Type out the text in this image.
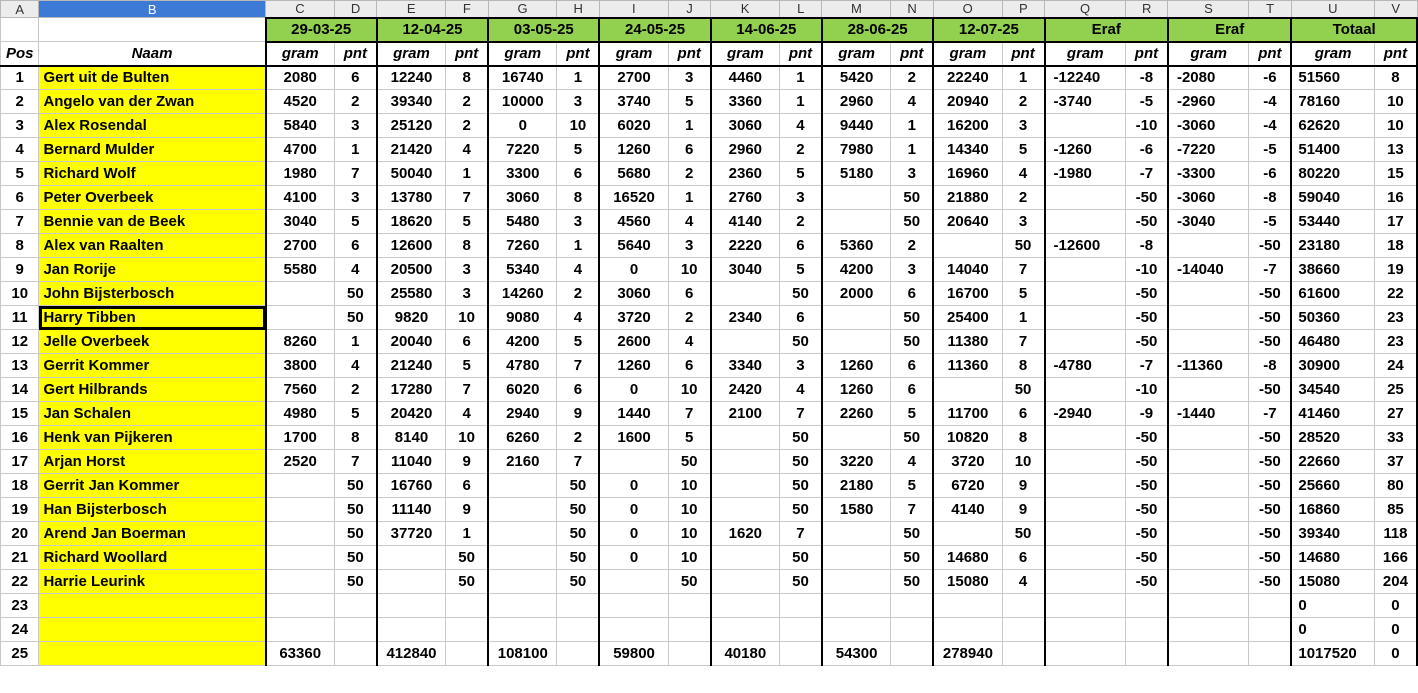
A	B	C	D	E	F	G	H	I	J	K	L	M	N	O	P	Q	R	S	T	U	V
		29-03-25		12-04-25		03-05-25		24-05-25		14-06-25		28-06-25		12-07-25		Eraf		Eraf		Totaal	
Pos	Naam	gram	pnt	gram	pnt	gram	pnt	gram	pnt	gram	pnt	gram	pnt	gram	pnt	gram	pnt	gram	pnt	gram	pnt
1	Gert uit de Bulten	2080	6	12240	8	16740	1	2700	3	4460	1	5420	2	22240	1	-12240	-8	-2080	-6	51560	8
2	Angelo van der Zwan	4520	2	39340	2	10000	3	3740	5	3360	1	2960	4	20940	2	-3740	-5	-2960	-4	78160	10
3	Alex Rosendal	5840	3	25120	2	0	10	6020	1	3060	4	9440	1	16200	3		-10	-3060	-4	62620	10
4	Bernard Mulder	4700	1	21420	4	7220	5	1260	6	2960	2	7980	1	14340	5	-1260	-6	-7220	-5	51400	13
5	Richard Wolf	1980	7	50040	1	3300	6	5680	2	2360	5	5180	3	16960	4	-1980	-7	-3300	-6	80220	15
6	Peter Overbeek	4100	3	13780	7	3060	8	16520	1	2760	3		50	21880	2		-50	-3060	-8	59040	16
7	Bennie van de Beek	3040	5	18620	5	5480	3	4560	4	4140	2		50	20640	3		-50	-3040	-5	53440	17
8	Alex van Raalten	2700	6	12600	8	7260	1	5640	3	2220	6	5360	2		50	-12600	-8		-50	23180	18
9	Jan Rorije	5580	4	20500	3	5340	4	0	10	3040	5	4200	3	14040	7		-10	-14040	-7	38660	19
10	John Bijsterbosch		50	25580	3	14260	2	3060	6		50	2000	6	16700	5		-50		-50	61600	22
11	Harry Tibben		50	9820	10	9080	4	3720	2	2340	6		50	25400	1		-50		-50	50360	23
12	Jelle Overbeek	8260	1	20040	6	4200	5	2600	4		50		50	11380	7		-50		-50	46480	23
13	Gerrit Kommer	3800	4	21240	5	4780	7	1260	6	3340	3	1260	6	11360	8	-4780	-7	-11360	-8	30900	24
14	Gert Hilbrands	7560	2	17280	7	6020	6	0	10	2420	4	1260	6		50		-10		-50	34540	25
15	Jan Schalen	4980	5	20420	4	2940	9	1440	7	2100	7	2260	5	11700	6	-2940	-9	-1440	-7	41460	27
16	Henk van Pijkeren	1700	8	8140	10	6260	2	1600	5		50		50	10820	8		-50		-50	28520	33
17	Arjan Horst	2520	7	11040	9	2160	7		50		50	3220	4	3720	10		-50		-50	22660	37
18	Gerrit Jan Kommer		50	16760	6		50	0	10		50	2180	5	6720	9		-50		-50	25660	80
19	Han Bijsterbosch		50	11140	9		50	0	10		50	1580	7	4140	9		-50		-50	16860	85
20	Arend Jan Boerman		50	37720	1		50	0	10	1620	7		50		50		-50		-50	39340	118
21	Richard Woollard		50		50		50	0	10		50		50	14680	6		-50		-50	14680	166
22	Harrie Leurink		50		50		50		50		50		50	15080	4		-50		-50	15080	204
23																				0	0
24																				0	0
25		63360		412840		108100		59800		40180		54300		278940						1017520	0
